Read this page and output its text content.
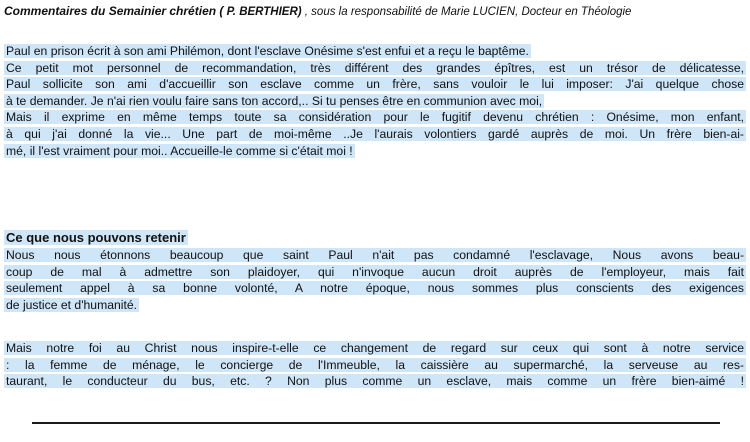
Commentaires du Semainier chrétien ( P. BERTHIER) , sous la responsabilité de Marie LUCIEN, Docteur en Théologie
Paul en prison écrit à son ami Philémon, dont l'esclave Onésime s'est enfui et a reçu le baptême.
Ce petit mot personnel de recommandation, très différent des grandes épîtres, est un trésor de délicatesse,
Paul sollicite son ami d'accueillir son esclave comme un frère, sans vouloir le lui imposer: J'ai quelque chose
à te demander. Je n'ai rien voulu faire sans ton accord,.. Si tu penses être en communion avec moi,
Mais il exprime en même temps toute sa considération pour le fugitif devenu chrétien : Onésime, mon enfant,
à qui j'ai donné la vie... Une part de moi-même ..Je l'aurais volontiers gardé auprès de moi. Un frère bien-ai-
mé, il l'est vraiment pour moi.. Accueille-le comme si c'était moi !
Ce que nous pouvons retenir
Nous nous étonnons beaucoup que saint Paul n'ait pas condamné l'esclavage, Nous avons beau-
coup de mal à admettre son plaidoyer, qui n'invoque aucun droit auprès de l'employeur, mais fait
seulement appel à sa bonne volonté, A notre époque, nous sommes plus conscients des exigences
de justice et d'humanité.
Mais notre foi au Christ nous inspire-t-elle ce changement de regard sur ceux qui sont à notre service
: la femme de ménage, le concierge de l'Immeuble, la caissière au supermarché, la serveuse au res-
taurant, le conducteur du bus, etc. ? Non plus comme un esclave, mais comme un frère bien-aimé !
